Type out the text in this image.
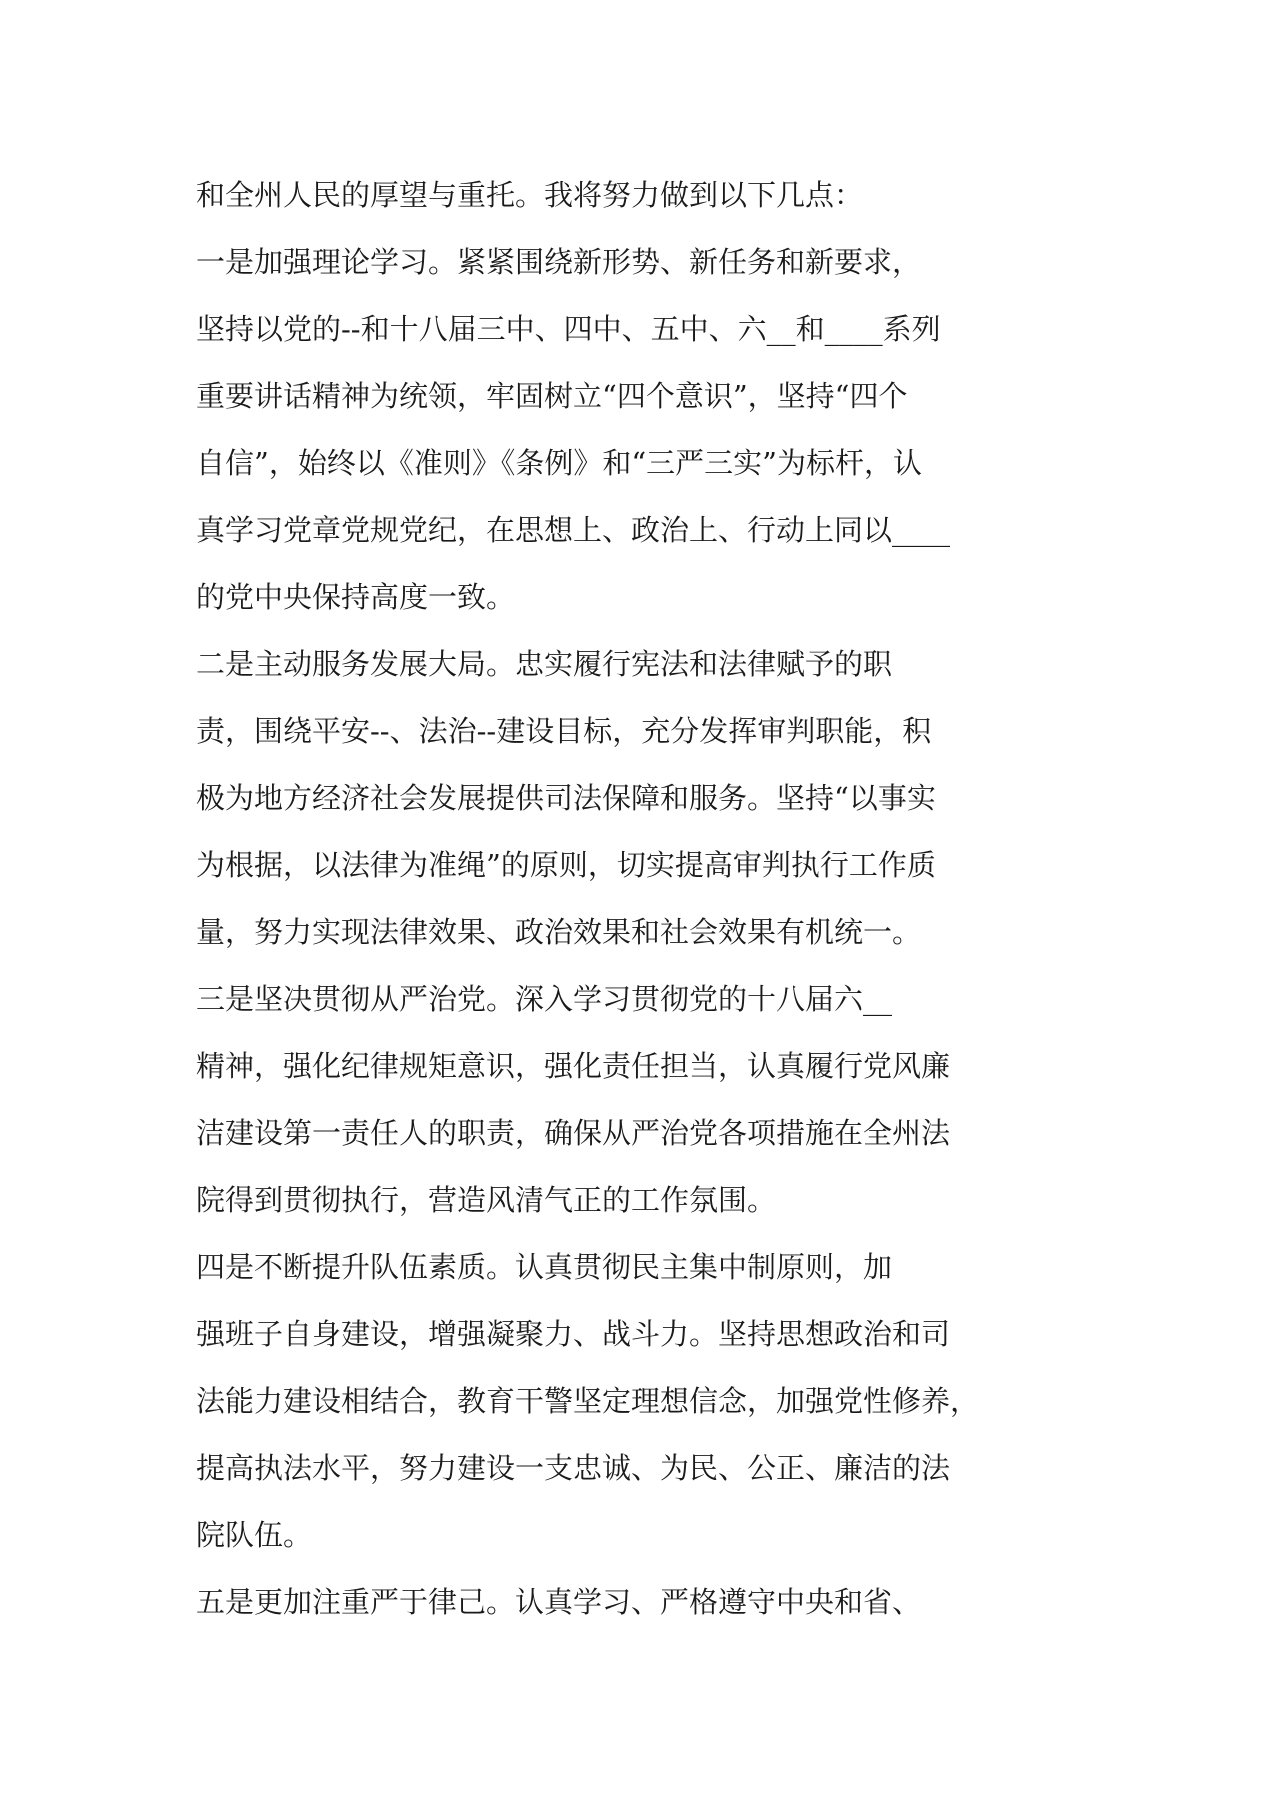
和全州人民的厚望与重托。我将努力做到以下几点：
一是加强理论学习。紧紧围绕新形势、新任务和新要求，
坚持以党的--和十八届三中、四中、五中、六__和____系列
重要讲话精神为统领，牢固树立“四个意识”，坚持“四个
自信”，始终以《准则》《条例》和“三严三实”为标杆，认
真学习党章党规党纪，在思想上、政治上、行动上同以____
的党中央保持高度一致。
二是主动服务发展大局。忠实履行宪法和法律赋予的职
责，围绕平安--、法治--建设目标，充分发挥审判职能，积
极为地方经济社会发展提供司法保障和服务。坚持“以事实
为根据，以法律为准绳”的原则，切实提高审判执行工作质
量，努力实现法律效果、政治效果和社会效果有机统一。
三是坚决贯彻从严治党。深入学习贯彻党的十八届六__
精神，强化纪律规矩意识，强化责任担当，认真履行党风廉
洁建设第一责任人的职责，确保从严治党各项措施在全州法
院得到贯彻执行，营造风清气正的工作氛围。
四是不断提升队伍素质。认真贯彻民主集中制原则，加
强班子自身建设，增强凝聚力、战斗力。坚持思想政治和司
法能力建设相结合，教育干警坚定理想信念，加强党性修养，
提高执法水平，努力建设一支忠诚、为民、公正、廉洁的法
院队伍。
五是更加注重严于律己。认真学习、严格遵守中央和省、
